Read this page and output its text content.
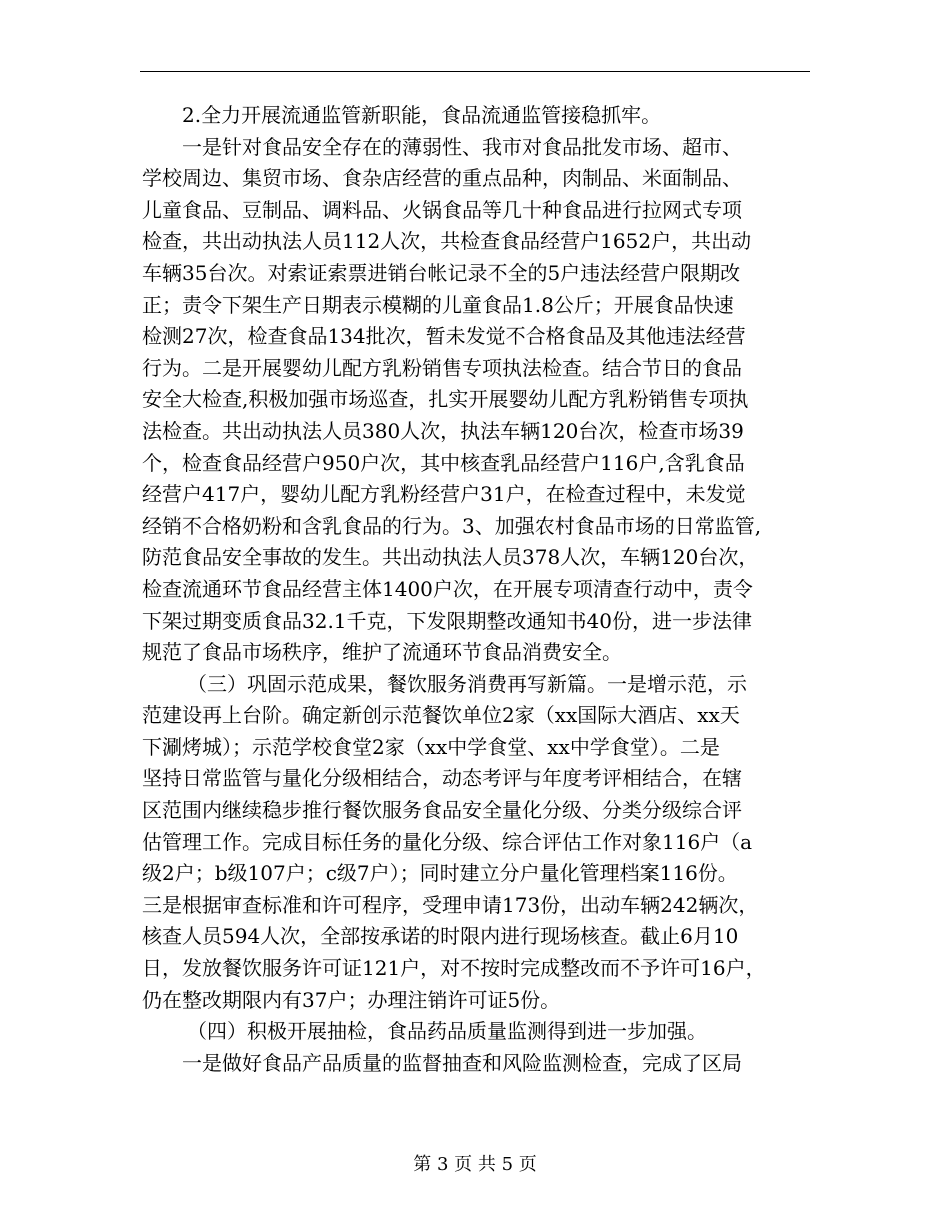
2.全力开展流通监管新职能，食品流通监管接稳抓牢。
一是针对食品安全存在的薄弱性、我市对食品批发市场、超市、
学校周边、集贸市场、食杂店经营的重点品种，肉制品、米面制品、
儿童食品、豆制品、调料品、火锅食品等几十种食品进行拉网式专项
检查，共出动执法人员112人次，共检查食品经营户1652户，共出动
车辆35台次。对索证索票进销台帐记录不全的5户违法经营户限期改
正；责令下架生产日期表示模糊的儿童食品1.8公斤；开展食品快速
检测27次，检查食品134批次，暂未发觉不合格食品及其他违法经营
行为。二是开展婴幼儿配方乳粉销售专项执法检查。结合节日的食品
安全大检查,积极加强市场巡查，扎实开展婴幼儿配方乳粉销售专项执
法检查。共出动执法人员380人次，执法车辆120台次，检查市场39
个，检查食品经营户950户次，其中核查乳品经营户116户,含乳食品
经营户417户，婴幼儿配方乳粉经营户31户，在检查过程中，未发觉
经销不合格奶粉和含乳食品的行为。3、加强农村食品市场的日常监管,
防范食品安全事故的发生。共出动执法人员378人次，车辆120台次，
检查流通环节食品经营主体1400户次，在开展专项清查行动中，责令
下架过期变质食品32.1千克，下发限期整改通知书40份，进一步法律
规范了食品市场秩序，维护了流通环节食品消费安全。
（三）巩固示范成果，餐饮服务消费再写新篇。一是增示范，示
范建设再上台阶。确定新创示范餐饮单位2家（xx国际大酒店、xx天
下涮烤城）；示范学校食堂2家（xx中学食堂、xx中学食堂）。二是
坚持日常监管与量化分级相结合，动态考评与年度考评相结合，在辖
区范围内继续稳步推行餐饮服务食品安全量化分级、分类分级综合评
估管理工作。完成目标任务的量化分级、综合评估工作对象116户（a
级2户；b级107户；c级7户）；同时建立分户量化管理档案116份。
三是根据审查标准和许可程序，受理申请173份，出动车辆242辆次，
核查人员594人次，全部按承诺的时限内进行现场核查。截止6月10
日，发放餐饮服务许可证121户，对不按时完成整改而不予许可16户，
仍在整改期限内有37户；办理注销许可证5份。
（四）积极开展抽检，食品药品质量监测得到进一步加强。
一是做好食品产品质量的监督抽查和风险监测检查，完成了区局
第 3 页 共 5 页
